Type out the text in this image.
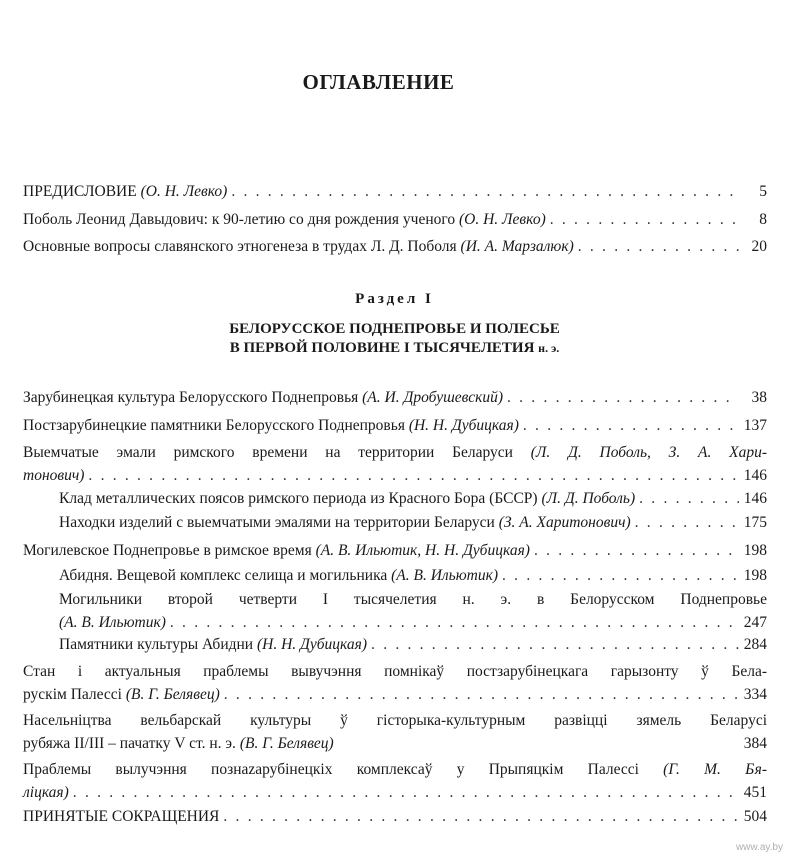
ОГЛАВЛЕНИЕ
ПРЕДИСЛОВИЕ (О. Н. Левко) . . .	5
Поболь Леонид Давыдович: к 90-летию со дня рождения ученого (О. Н. Левко) . . .	8
Основные вопросы славянского этногенеза в трудах Л. Д. Поболя (И. А. Марзалюк) . . .	20
Раздел I
БЕЛОРУССКОЕ ПОДНЕПРОВЬЕ И ПОЛЕСЬЕ
В ПЕРВОЙ ПОЛОВИНЕ I ТЫСЯЧЕЛЕТИЯ н. э.
Зарубинецкая культура Белорусского Поднепровья (А. И. Дробушевский) . . .	38
Постзарубинецкие памятники Белорусского Поднепровья (Н. Н. Дубицкая) . . .	137
Выемчатые эмали римского времени на территории Беларуси (Л. Д. Поболь, З. А. Хари-
тонович) . . .	146
Клад металлических поясов римского периода из Красного Бора (БССР) (Л. Д. Поболь) . . .	146
Находки изделий с выемчатыми эмалями на территории Беларуси (З. А. Харитонович) . . .	175
Могилевское Поднепровье в римское время (А. В. Ильютик, Н. Н. Дубицкая) . . .	198
Абидня. Вещевой комплекс селища и могильника (А. В. Ильютик) . . .	198
Могильники второй четверти I тысячелетия н. э. в Белорусском Поднепровье
(А. В. Ильютик) . . .	247
Памятники культуры Абидни (Н. Н. Дубицкая) . . .	284
Стан і актуальныя праблемы вывучэння помнікаў постзарубінецкага гарызонту ў Бела-
рускім Палессі (В. Г. Белявец) . . .	334
Насельніцтва вельбарскай культуры ў гісторыка-культурным развіцці зямель Беларусі
рубяжа II/III – пачатку V ст. н. э. (В. Г. Белявец)	384
Праблемы вылучэння познazарубінецкіх комплексаў у Прыпяцкім Палессі (Г. М. Бя-
ліцкая) . . .	451
ПРИНЯТЫЕ СОКРАЩЕНИЯ . . .	504
www.ay.by
